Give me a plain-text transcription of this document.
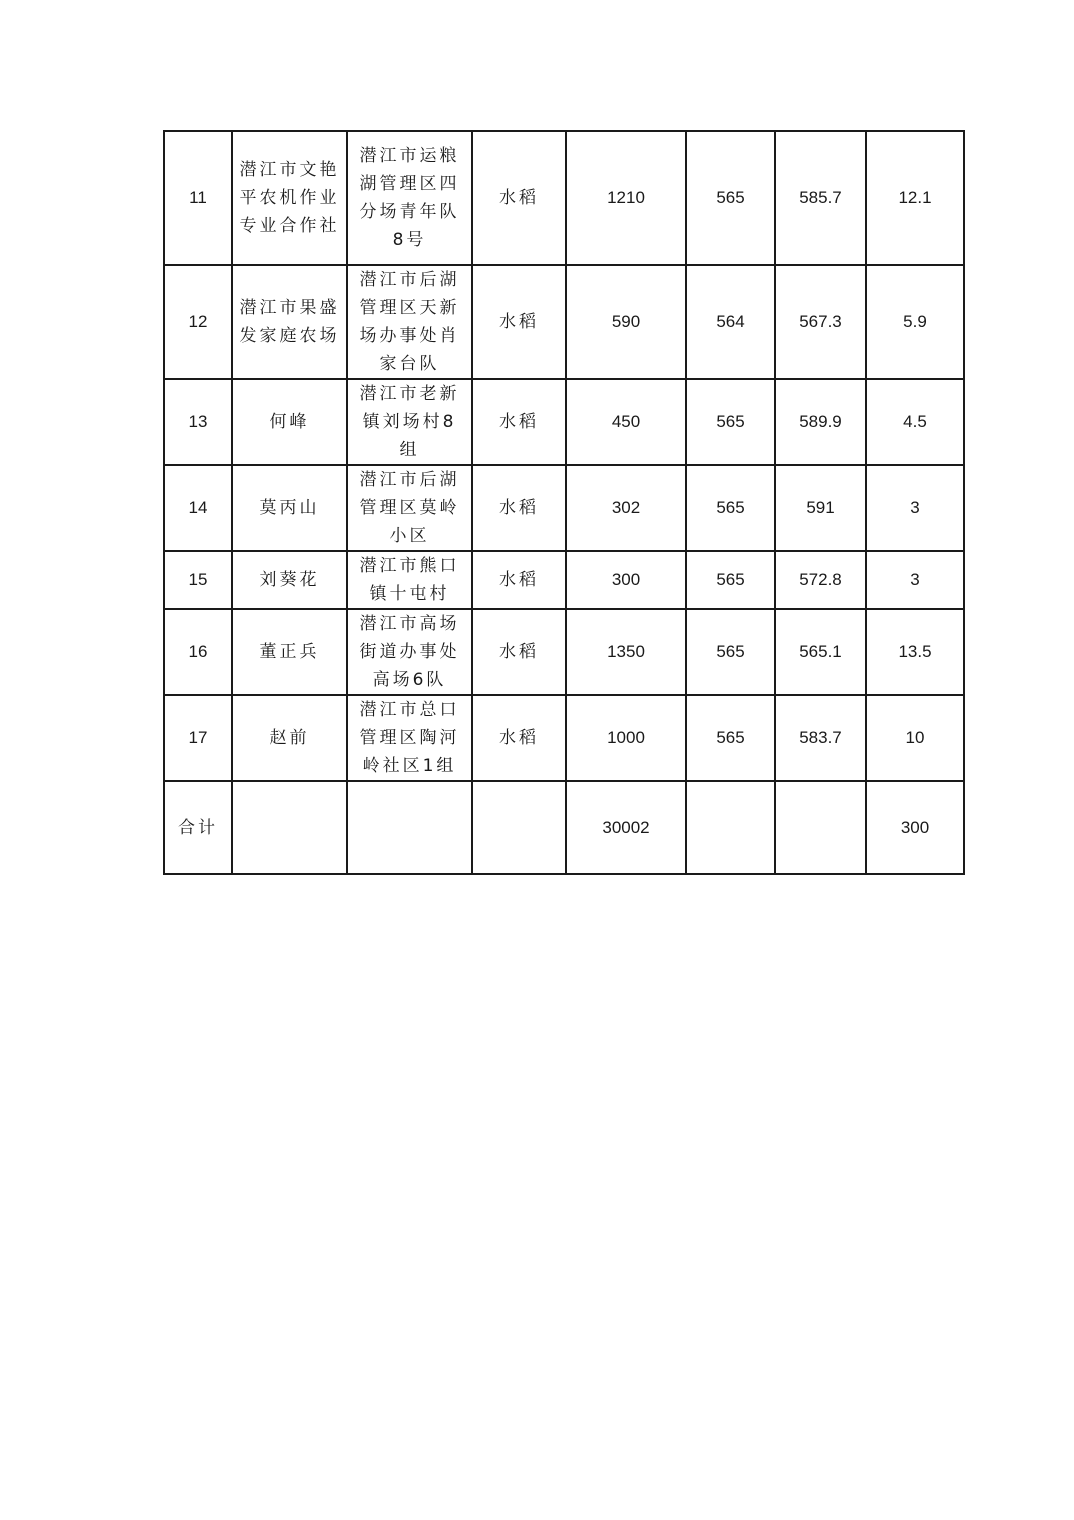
11	潜江市文艳平农机作业专业合作社	潜江市运粮湖管理区四分场青年队8号	水稻	1210	565	585.7	12.1
12	潜江市果盛发家庭农场	潜江市后湖管理区天新场办事处肖家台队	水稻	590	564	567.3	5.9
13	何峰	潜江市老新镇刘场村8组	水稻	450	565	589.9	4.5
14	莫丙山	潜江市后湖管理区莫岭小区	水稻	302	565	591	3
15	刘葵花	潜江市熊口镇十屯村	水稻	300	565	572.8	3
16	董正兵	潜江市高场街道办事处高场6队	水稻	1350	565	565.1	13.5
17	赵前	潜江市总口管理区陶河岭社区1组	水稻	1000	565	583.7	10
合计				30002			300
